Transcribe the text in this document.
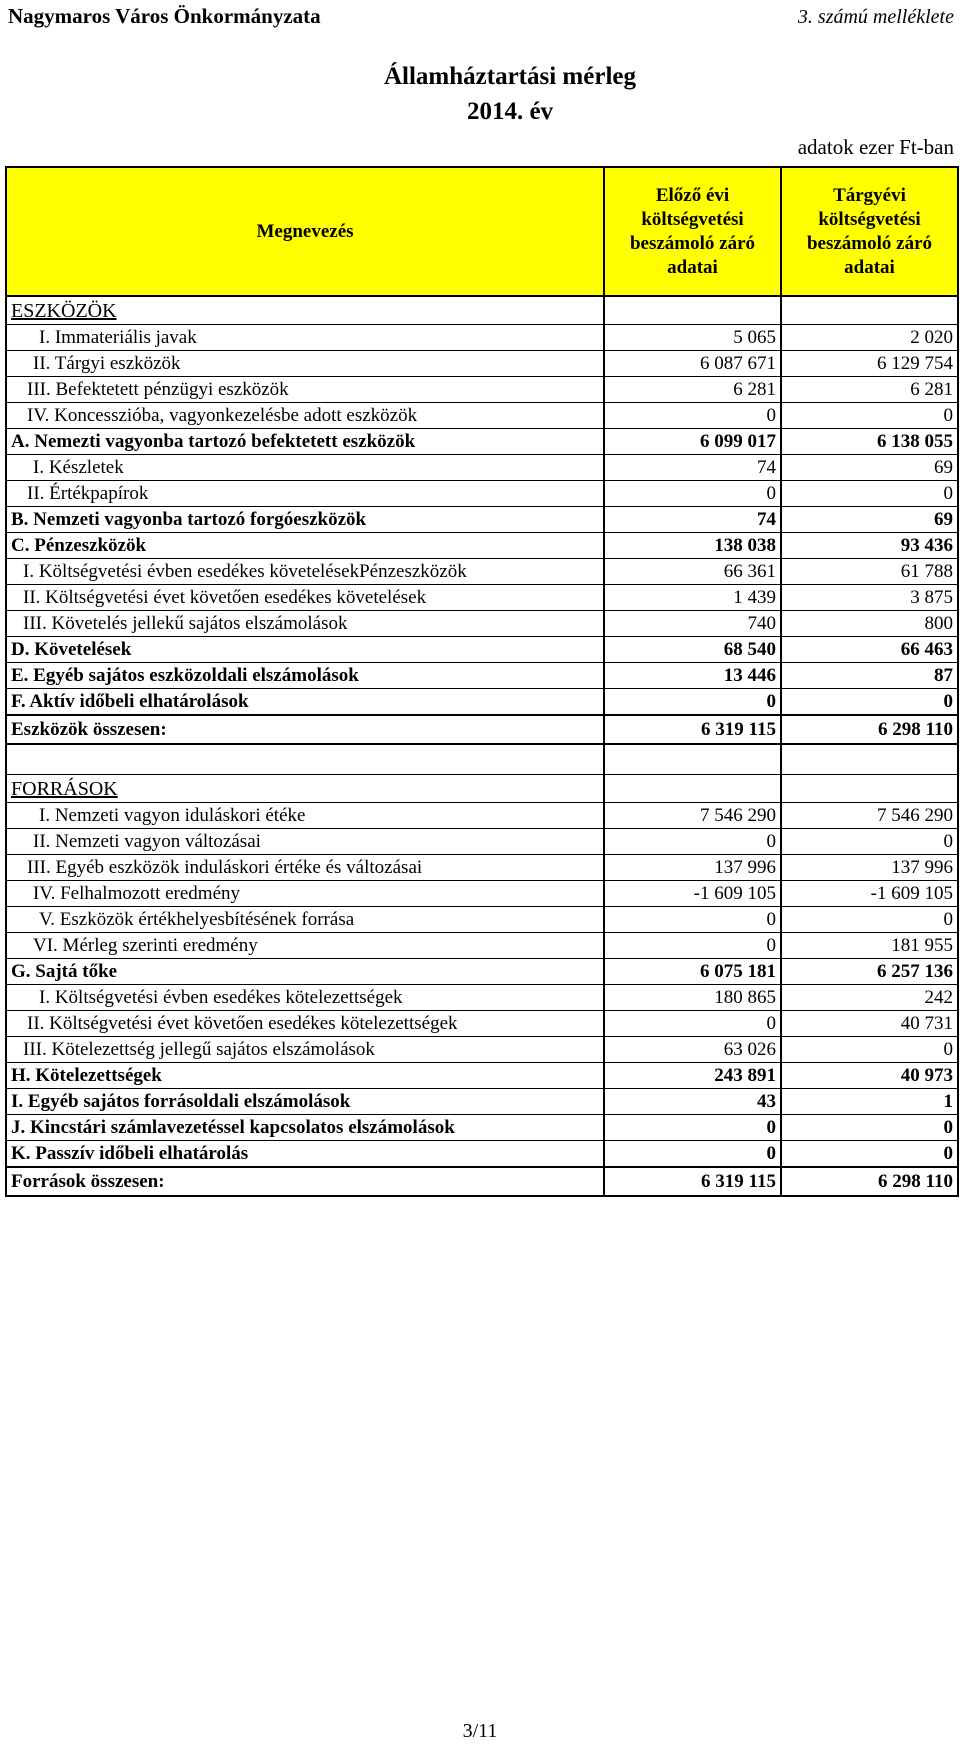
Nagymaros Város Önkormányzata	3. számú melléklete
Államháztartási mérleg
2014. év
adatok ezer Ft-ban
Megnevezés	Előző évi költségvetési beszámoló záró adatai	Tárgyévi költségvetési beszámoló záró adatai
ESZKÖZÖK		
I. Immateriális javak	5 065	2 020
II. Tárgyi eszközök	6 087 671	6 129 754
III. Befektetett pénzügyi eszközök	6 281	6 281
IV. Koncesszióba, vagyonkezelésbe adott eszközök	0	0
A. Nemezti vagyonba tartozó befektetett eszközök	6 099 017	6 138 055
I. Készletek	74	69
II. Értékpapírok	0	0
B. Nemzeti vagyonba tartozó forgóeszközök	74	69
C. Pénzeszközök	138 038	93 436
I. Költségvetési évben esedékes követelésekPénzeszközök	66 361	61 788
II. Költségvetési évet követően esedékes követelések	1 439	3 875
III. Követelés jellekű sajátos elszámolások	740	800
D. Követelések	68 540	66 463
E. Egyéb sajátos eszközoldali elszámolások	13 446	87
F. Aktív időbeli elhatárolások	0	0
Eszközök összesen:	6 319 115	6 298 110

FORRÁSOK		
I. Nemzeti vagyon iduláskori étéke	7 546 290	7 546 290
II. Nemzeti vagyon változásai	0	0
III. Egyéb eszközök induláskori értéke és változásai	137 996	137 996
IV. Felhalmozott eredmény	-1 609 105	-1 609 105
V. Eszközök értékhelyesbítésének forrása	0	0
VI. Mérleg szerinti eredmény	0	181 955
G. Sajtá tőke	6 075 181	6 257 136
I. Költségvetési évben esedékes kötelezettségek	180 865	242
II. Költségvetési évet követően esedékes kötelezettségek	0	40 731
III. Kötelezettség jellegű sajátos elszámolások	63 026	0
H. Kötelezettségek	243 891	40 973
I. Egyéb sajátos forrásoldali elszámolások	43	1
J. Kincstári számlavezetéssel kapcsolatos elszámolások	0	0
K. Passzív időbeli elhatárolás	0	0
Források összesen:	6 319 115	6 298 110
3/11
